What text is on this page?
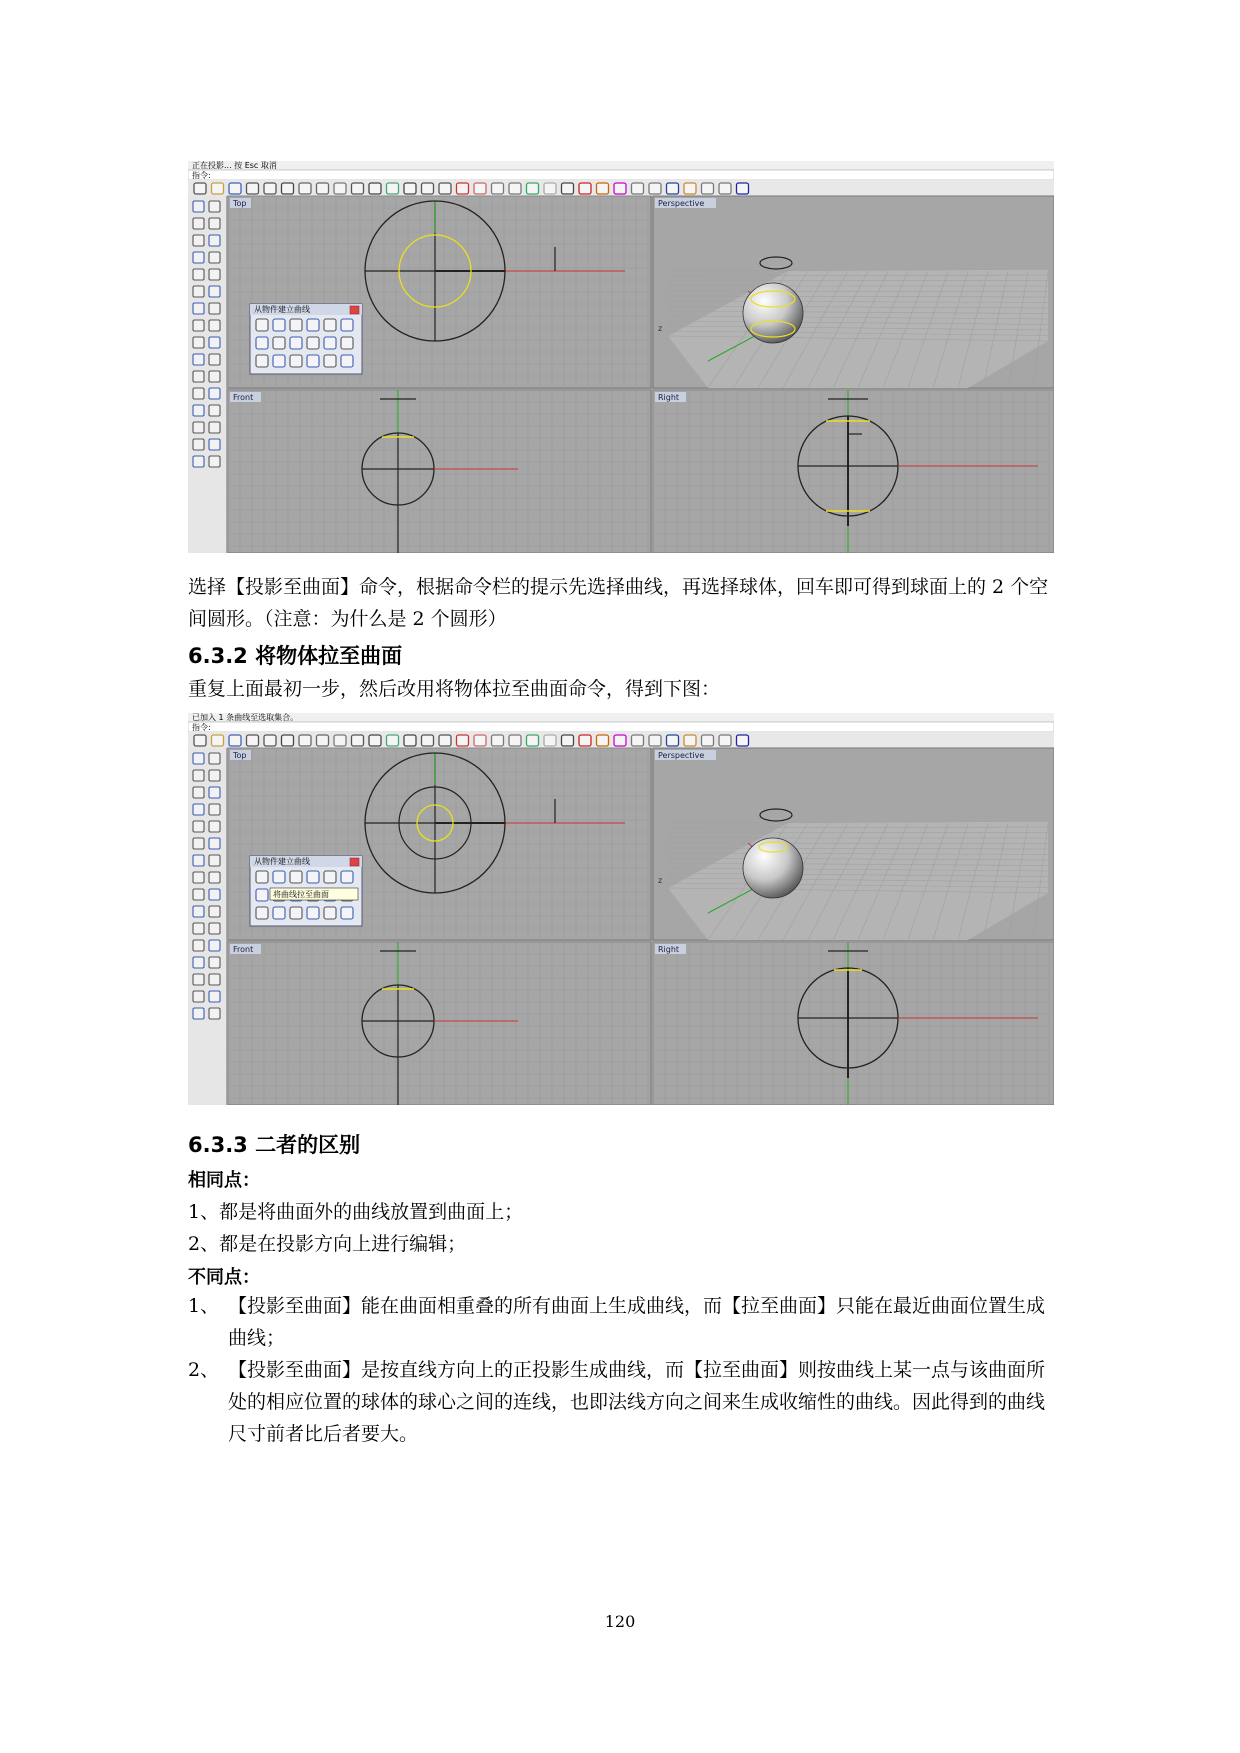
正在投影... 按 Esc 取消
指令:
Top	Perspective
Front	Right
z
从物件建立曲线
选择【投影至曲面】命令，根据命令栏的提示先选择曲线，再选择球体，回车即可得到球面上的 2 个空间圆形。（注意：为什么是 2 个圆形）
6.3.2 将物体拉至曲面
重复上面最初一步，然后改用将物体拉至曲面命令，得到下图：
已加入 1 条曲线至选取集合。
指令:
Top	Perspective
Front	Right
z
从物件建立曲线
将曲线拉至曲面
6.3.3 二者的区别
相同点：
1、都是将曲面外的曲线放置到曲面上；
2、都是在投影方向上进行编辑；
不同点：
1、 【投影至曲面】能在曲面相重叠的所有曲面上生成曲线，而【拉至曲面】只能在最近曲面位置生成曲线；
2、 【投影至曲面】是按直线方向上的正投影生成曲线，而【拉至曲面】则按曲线上某一点与该曲面所处的相应位置的球体的球心之间的连线，也即法线方向之间来生成收缩性的曲线。因此得到的曲线尺寸前者比后者要大。
120
